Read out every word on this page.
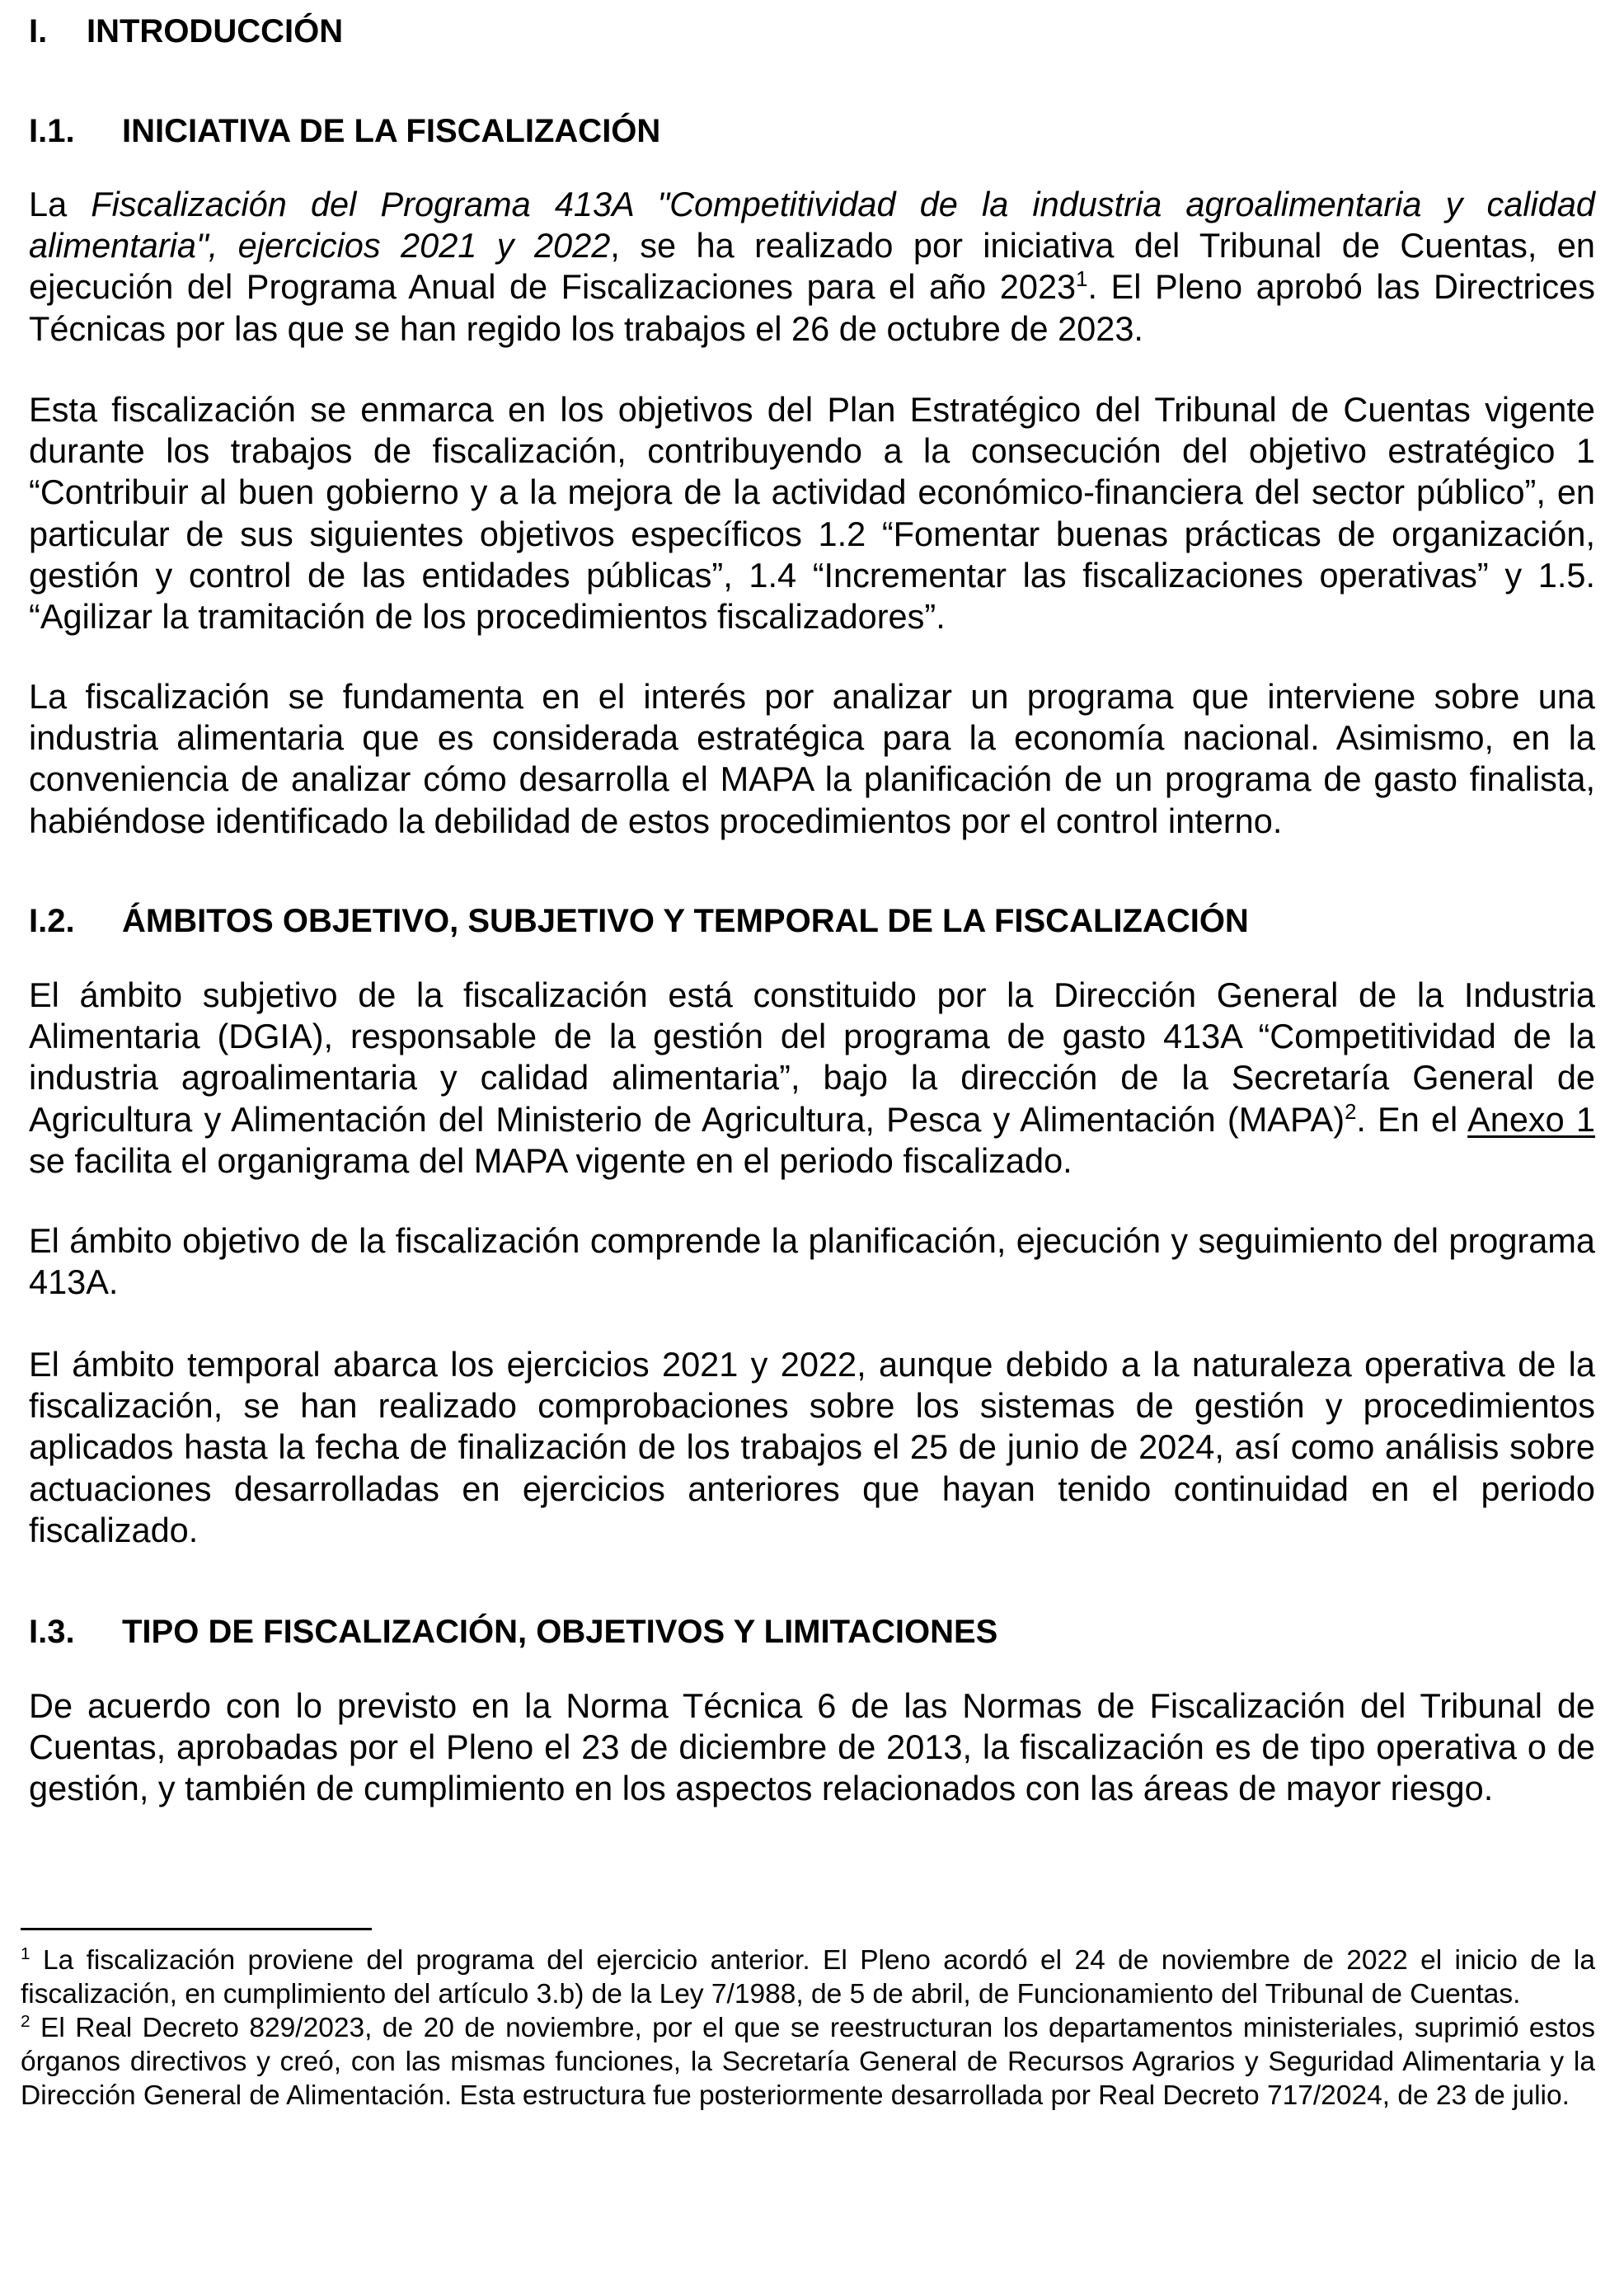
I. INTRODUCCIÓN
I.1. INICIATIVA DE LA FISCALIZACIÓN

La Fiscalización del Programa 413A "Competitividad de la industria agroalimentaria y calidad alimentaria", ejercicios 2021 y 2022, se ha realizado por iniciativa del Tribunal de Cuentas, en ejecución del Programa Anual de Fiscalizaciones para el año 2023$^1$. El Pleno aprobó las Directrices Técnicas por las que se han regido los trabajos el 26 de octubre de 2023.

Esta fiscalización se enmarca en los objetivos del Plan Estratégico del Tribunal de Cuentas vigente durante los trabajos de fiscalización, contribuyendo a la consecución del objetivo estratégico 1 “Contribuir al buen gobierno y a la mejora de la actividad económico-financiera del sector público”, en particular de sus siguientes objetivos específicos 1.2 “Fomentar buenas prácticas de organización, gestión y control de las entidades públicas”, 1.4 “Incrementar las fiscalizaciones operativas” y 1.5. “Agilizar la tramitación de los procedimientos fiscalizadores”.

La fiscalización se fundamenta en el interés por analizar un programa que interviene sobre una industria alimentaria que es considerada estratégica para la economía nacional. Asimismo, en la conveniencia de analizar cómo desarrolla el MAPA la planificación de un programa de gasto finalista, habiéndose identificado la debilidad de estos procedimientos por el control interno.

I.2. ÁMBITOS OBJETIVO, SUBJETIVO Y TEMPORAL DE LA FISCALIZACIÓN

El ámbito subjetivo de la fiscalización está constituido por la Dirección General de la Industria Alimentaria (DGIA), responsable de la gestión del programa de gasto 413A “Competitividad de la industria agroalimentaria y calidad alimentaria”, bajo la dirección de la Secretaría General de Agricultura y Alimentación del Ministerio de Agricultura, Pesca y Alimentación (MAPA)$^2$. En el Anexo 1 se facilita el organigrama del MAPA vigente en el periodo fiscalizado.

El ámbito objetivo de la fiscalización comprende la planificación, ejecución y seguimiento del programa 413A.

El ámbito temporal abarca los ejercicios 2021 y 2022, aunque debido a la naturaleza operativa de la fiscalización, se han realizado comprobaciones sobre los sistemas de gestión y procedimientos aplicados hasta la fecha de finalización de los trabajos el 25 de junio de 2024, así como análisis sobre actuaciones desarrolladas en ejercicios anteriores que hayan tenido continuidad en el periodo fiscalizado.

I.3. TIPO DE FISCALIZACIÓN, OBJETIVOS Y LIMITACIONES

De acuerdo con lo previsto en la Norma Técnica 6 de las Normas de Fiscalización del Tribunal de Cuentas, aprobadas por el Pleno el 23 de diciembre de 2013, la fiscalización es de tipo operativa o de gestión, y también de cumplimiento en los aspectos relacionados con las áreas de mayor riesgo.

$^1$ La fiscalización proviene del programa del ejercicio anterior. El Pleno acordó el 24 de noviembre de 2022 el inicio de la fiscalización, en cumplimiento del artículo 3.b) de la Ley 7/1988, de 5 de abril, de Funcionamiento del Tribunal de Cuentas.

$^2$ El Real Decreto 829/2023, de 20 de noviembre, por el que se reestructuran los departamentos ministeriales, suprimió estos órganos directivos y creó, con las mismas funciones, la Secretaría General de Recursos Agrarios y Seguridad Alimentaria y la Dirección General de Alimentación. Esta estructura fue posteriormente desarrollada por Real Decreto 717/2024, de 23 de julio.
